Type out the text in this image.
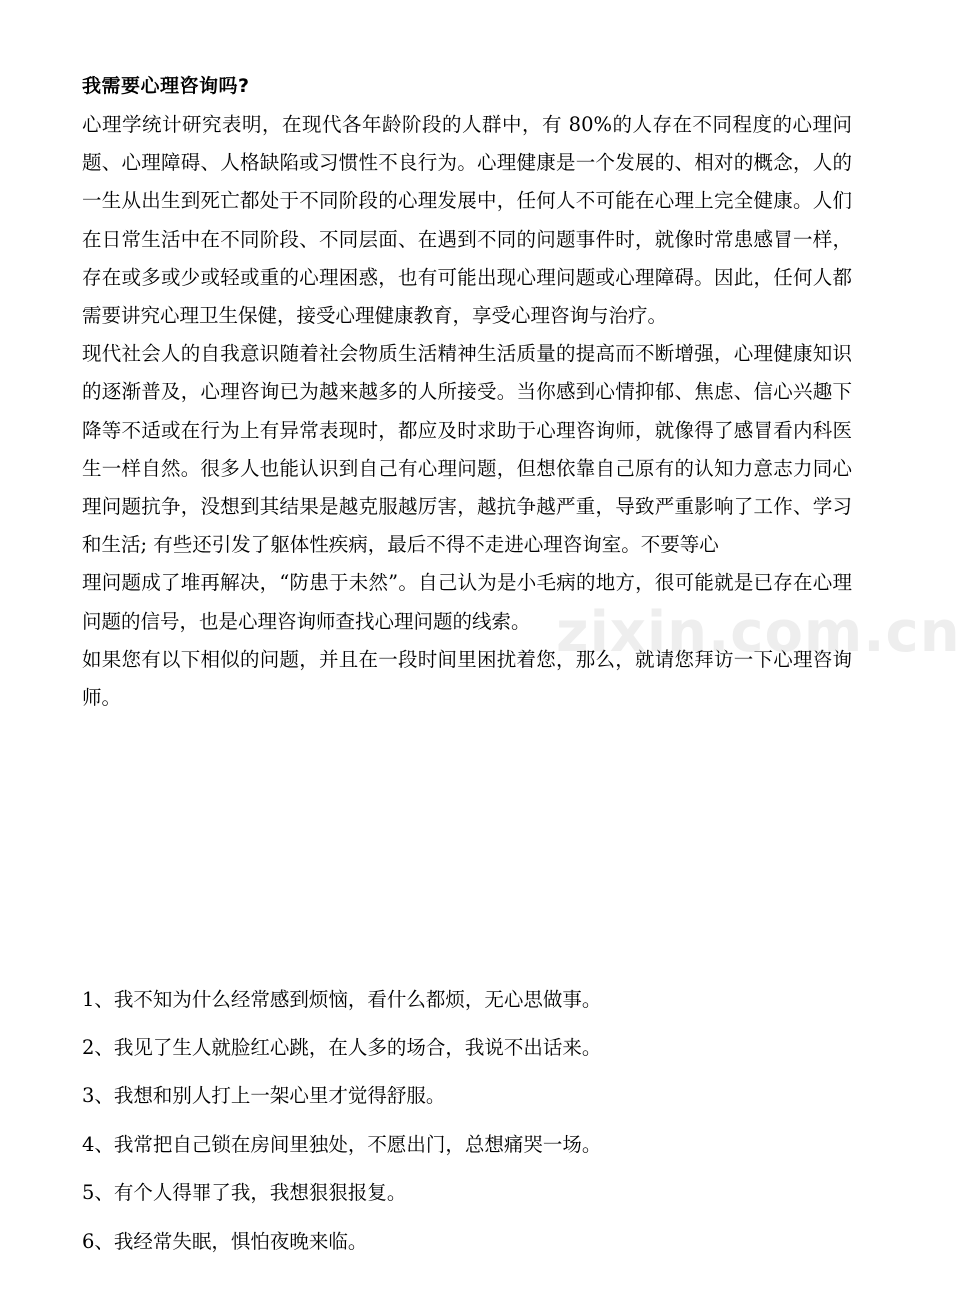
我需要心理咨询吗?

心理学统计研究表明，在现代各年龄阶段的人群中，有 80%的人存在不同程度的心理问题、心理障碍、人格缺陷或习惯性不良行为。心理健康是一个发展的、相对的概念，人的一生从出生到死亡都处于不同阶段的心理发展中，任何人不可能在心理上完全健康。人们在日常生活中在不同阶段、不同层面、在遇到不同的问题事件时，就像时常患感冒一样，存在或多或少或轻或重的心理困惑，也有可能出现心理问题或心理障碍。因此，任何人都需要讲究心理卫生保健，接受心理健康教育，享受心理咨询与治疗。

现代社会人的自我意识随着社会物质生活精神生活质量的提高而不断增强，心理健康知识的逐渐普及，心理咨询已为越来越多的人所接受。当你感到心情抑郁、焦虑、信心兴趣下降等不适或在行为上有异常表现时，都应及时求助于心理咨询师，就像得了感冒看内科医生一样自然。很多人也能认识到自己有心理问题，但想依靠自己原有的认知力意志力同心理问题抗争，没想到其结果是越克服越厉害，越抗争越严重，导致严重影响了工作、学习和生活; 有些还引发了躯体性疾病，最后不得不走进心理咨询室。不要等心

理问题成了堆再解决，“防患于未然”。自己认为是小毛病的地方，很可能就是已存在心理问题的信号，也是心理咨询师查找心理问题的线索。

如果您有以下相似的问题，并且在一段时间里困扰着您，那么，就请您拜访一下心理咨询师。

1、我不知为什么经常感到烦恼，看什么都烦，无心思做事。

2、我见了生人就脸红心跳，在人多的场合，我说不出话来。

3、我想和别人打上一架心里才觉得舒服。

4、我常把自己锁在房间里独处，不愿出门，总想痛哭一场。

5、有个人得罪了我，我想狠狠报复。

6、我经常失眠，惧怕夜晚来临。

zixin.com.cn
